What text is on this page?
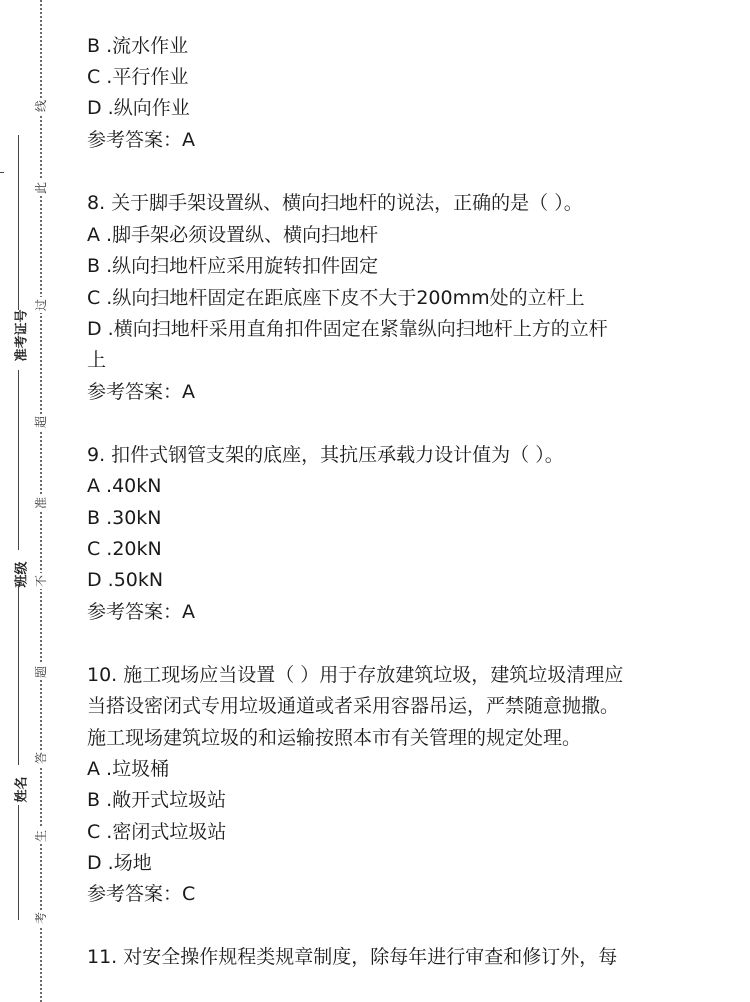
线
此
过
超
准
不
题
答
生
考
准考证号
班级
姓名
B .流水作业
C .平行作业
D .纵向作业
参考答案：A
8. 关于脚手架设置纵、横向扫地杆的说法，正确的是（ ）。
A .脚手架必须设置纵、横向扫地杆
B .纵向扫地杆应采用旋转扣件固定
C .纵向扫地杆固定在距底座下皮不大于200mm处的立杆上
D .横向扫地杆采用直角扣件固定在紧靠纵向扫地杆上方的立杆
上
参考答案：A
9. 扣件式钢管支架的底座，其抗压承载力设计值为（ ）。
A .40kN
B .30kN
C .20kN
D .50kN
参考答案：A
10. 施工现场应当设置（ ）用于存放建筑垃圾，建筑垃圾清理应
当搭设密闭式专用垃圾通道或者采用容器吊运，严禁随意抛撒。
施工现场建筑垃圾的和运输按照本市有关管理的规定处理。
A .垃圾桶
B .敞开式垃圾站
C .密闭式垃圾站
D .场地
参考答案：C
11. 对安全操作规程类规章制度，除每年进行审查和修订外，每
